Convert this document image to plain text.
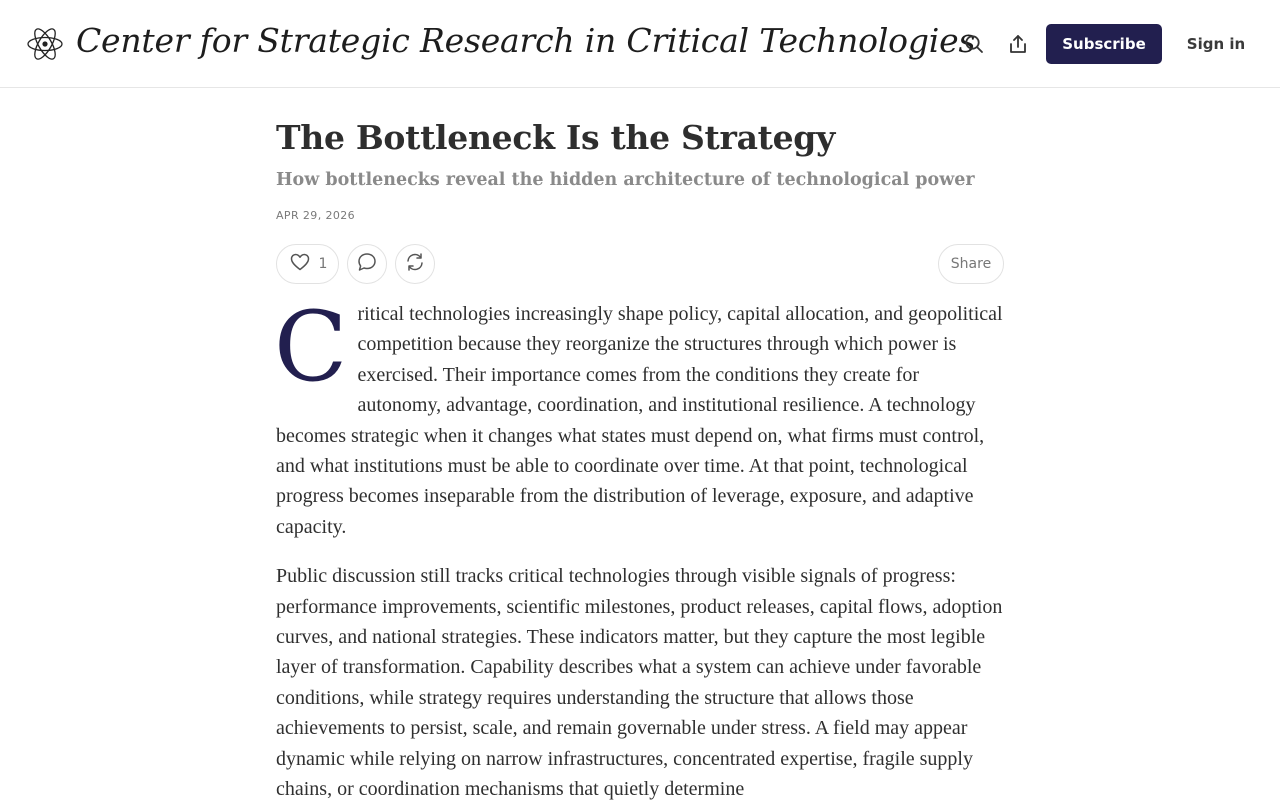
Center for Strategic Research in Critical Technologies	Subscribe	Sign in
The Bottleneck Is the Strategy
How bottlenecks reveal the hidden architecture of technological power
APR 29, 2026
1	Share

Critical technologies increasingly shape policy, capital allocation, and geopolitical competition because they reorganize the structures through which power is exercised. Their importance comes from the conditions they create for autonomy, advantage, coordination, and institutional resilience. A technology becomes strategic when it changes what states must depend on, what firms must control, and what institutions must be able to coordinate over time. At that point, technological progress becomes inseparable from the distribution of leverage, exposure, and adaptive capacity.

Public discussion still tracks critical technologies through visible signals of progress: performance improvements, scientific milestones, product releases, capital flows, adoption curves, and national strategies. These indicators matter, but they capture the most legible layer of transformation. Capability describes what a system can achieve under favorable conditions, while strategy requires understanding the structure that allows those achievements to persist, scale, and remain governable under stress. A field may appear dynamic while relying on narrow infrastructures, concentrated expertise, fragile supply chains, or coordination mechanisms that quietly determine
